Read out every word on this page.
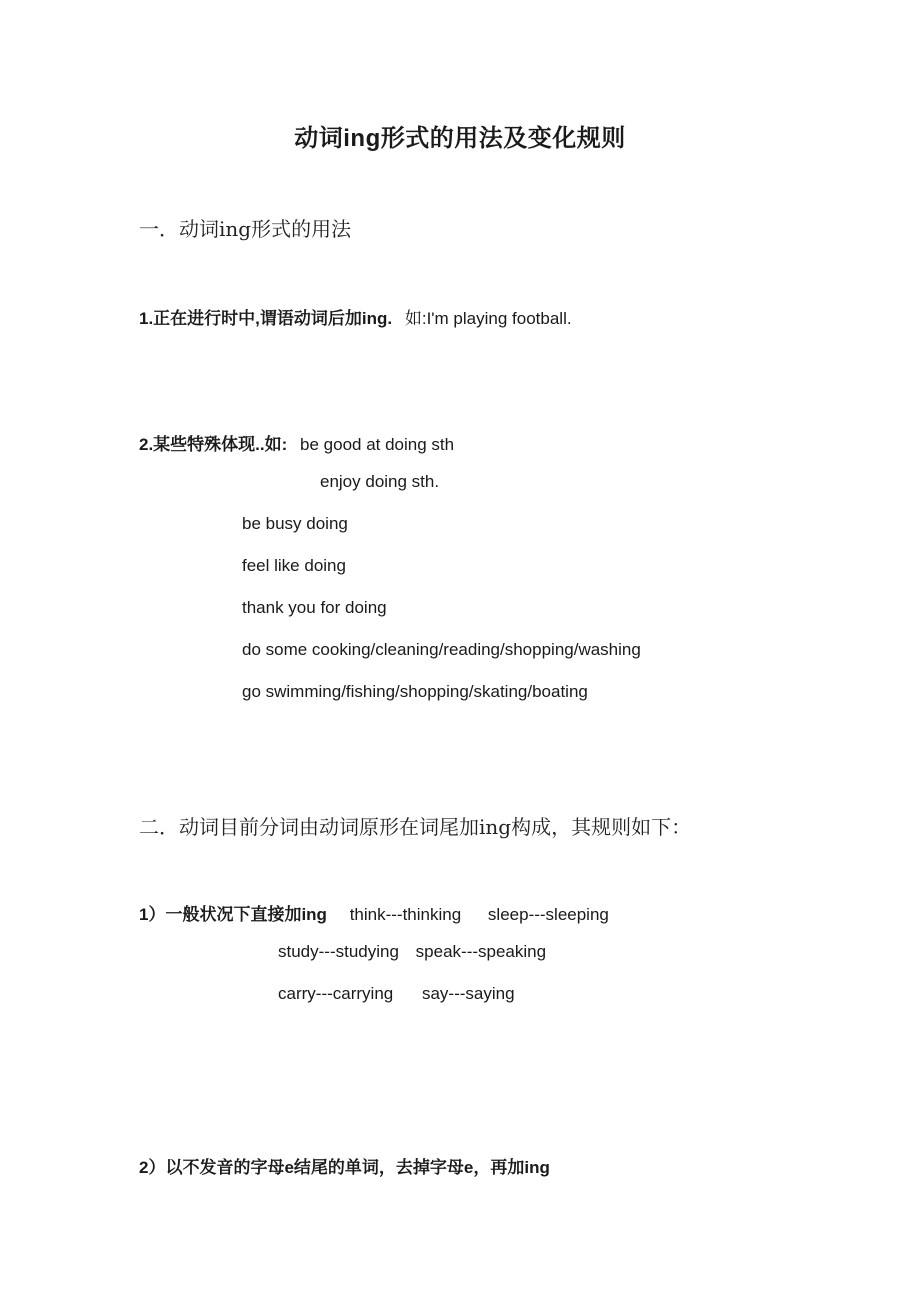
动词ing形式的用法及变化规则
一．动词ing形式的用法
1.正在进行时中,谓语动词后加ing. 如:I'm playing football.
2.某些特殊体现..如: be good at doing sth
enjoy doing sth.
be busy doing
feel like doing
thank you for doing
do some cooking/cleaning/reading/shopping/washing
go swimming/fishing/shopping/skating/boating
二．动词目前分词由动词原形在词尾加ing构成，其规则如下：
1）一般状况下直接加ing think---thinking sleep---sleeping
study---studying speak---speaking
carry---carrying say---saying
2）以不发音的字母e结尾的单词，去掉字母e，再加ing
